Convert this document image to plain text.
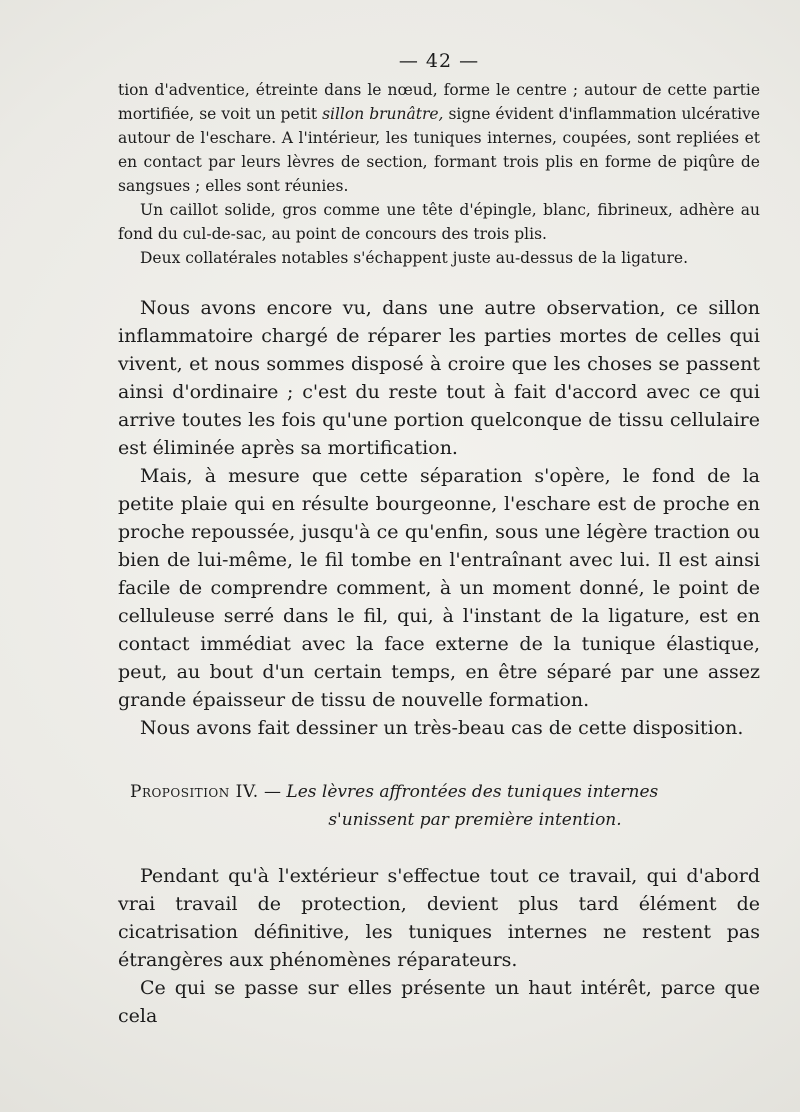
— 42 —

tion d'adventice, étreinte dans le nœud, forme le centre ; autour de cette partie mortifiée, se voit un petit sillon brunâtre, signe évident d'inflammation ulcérative autour de l'eschare. A l'intérieur, les tuniques internes, coupées, sont repliées et en contact par leurs lèvres de section, formant trois plis en forme de piqûre de sangsues ; elles sont réunies.

Un caillot solide, gros comme une tête d'épingle, blanc, fibrineux, adhère au fond du cul-de-sac, au point de concours des trois plis.

Deux collatérales notables s'échappent juste au-dessus de la ligature.

Nous avons encore vu, dans une autre observation, ce sillon inflammatoire chargé de réparer les parties mortes de celles qui vivent, et nous sommes disposé à croire que les choses se passent ainsi d'ordinaire ; c'est du reste tout à fait d'accord avec ce qui arrive toutes les fois qu'une portion quelconque de tissu cellulaire est éliminée après sa mortification.

Mais, à mesure que cette séparation s'opère, le fond de la petite plaie qui en résulte bourgeonne, l'eschare est de proche en proche repoussée, jusqu'à ce qu'enfin, sous une légère traction ou bien de lui-même, le fil tombe en l'entraînant avec lui. Il est ainsi facile de comprendre comment, à un moment donné, le point de celluleuse serré dans le fil, qui, à l'instant de la ligature, est en contact immédiat avec la face externe de la tunique élastique, peut, au bout d'un certain temps, en être séparé par une assez grande épaisseur de tissu de nouvelle formation.

Nous avons fait dessiner un très-beau cas de cette disposition.

Proposition IV. — Les lèvres affrontées des tuniques internes
s'unissent par première intention.

Pendant qu'à l'extérieur s'effectue tout ce travail, qui d'abord vrai travail de protection, devient plus tard élément de cicatrisation définitive, les tuniques internes ne restent pas étrangères aux phénomènes réparateurs.

Ce qui se passe sur elles présente un haut intérêt, parce que cela
